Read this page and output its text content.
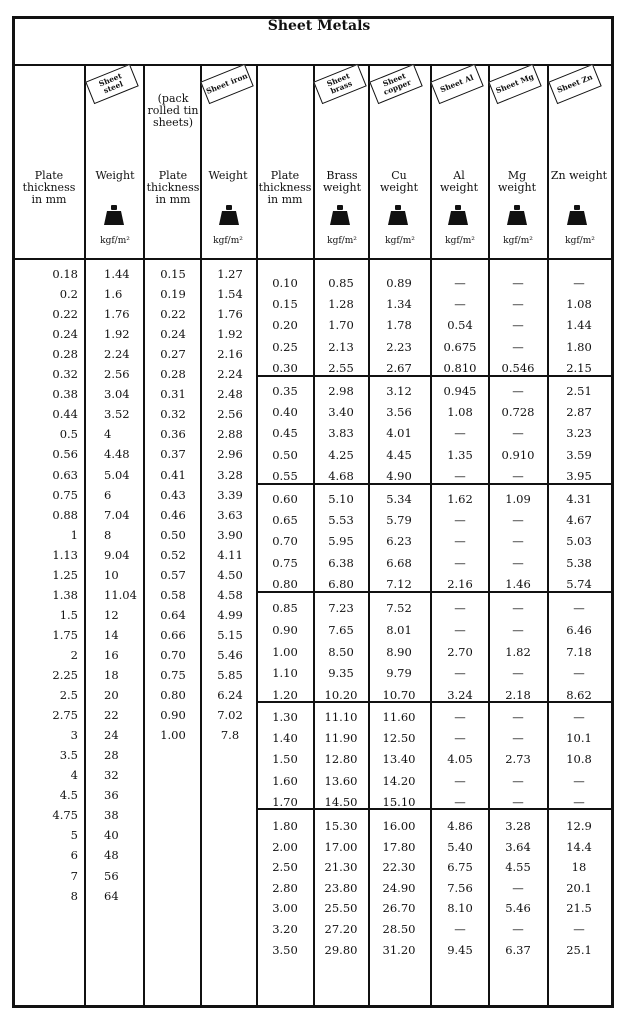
Sheet Metals
Sheet steel	Sheet iron	Sheet brass	Sheet copper	Sheet Al	Sheet Mg	Sheet Zn
(pack rolled tin sheets)
Plate thickness in mm
Weight	Plate thickness in mm
Weight	Plate thickness in mm
Brass weight
Cu weight
Al weight
Mg weight
Zn weight
kgf/m²	kgf/m²	kgf/m²	kgf/m²	kgf/m²	kgf/m²	kgf/m²
0.18 1.44
0.2 1.6
0.22 1.76
0.24 1.92
0.28 2.24
0.32 2.56
0.38 3.04
0.44 3.52
0.5 4
0.56 4.48
0.63 5.04
0.75 6
0.88 7.04
1 8
1.13 9.04
1.25 10
1.38 11.04
1.5 12
1.75 14
2 16
2.25 18
2.5 20
2.75 22
3 24
3.5 28
4 32
4.5 36
4.75 38
5 40
6 48
7 56
8 64
0.15	1.27
0.19	1.54
0.22	1.76
0.24	1.92
0.27	2.16
0.28	2.24
0.31	2.48
0.32	2.56
0.36	2.88
0.37	2.96
0.41	3.28
0.43	3.39
0.46	3.63
0.50	3.90
0.52	4.11
0.57	4.50
0.58	4.58
0.64	4.99
0.66	5.15
0.70	5.46
0.75	5.85
0.80	6.24
0.90	7.02
1.00	7.8
0.10	0.85	0.89	—	—	—
0.15	1.28	1.34	—	—	1.08
0.20	1.70	1.78	0.54	—	1.44
0.25	2.13	2.23	0.675	—	1.80
0.30	2.55	2.67	0.810	0.546	2.15
0.35	2.98	3.12	0.945	—	2.51
0.40	3.40	3.56	1.08	0.728	2.87
0.45	3.83	4.01	—	—	3.23
0.50	4.25	4.45	1.35	0.910	3.59
0.55	4.68	4.90	—	—	3.95
0.60	5.10	5.34	1.62	1.09	4.31
0.65	5.53	5.79	—	—	4.67
0.70	5.95	6.23	—	—	5.03
0.75	6.38	6.68	—	—	5.38
0.80	6.80	7.12	2.16	1.46	5.74
0.85	7.23	7.52	—	—	—
0.90	7.65	8.01	—	—	6.46
1.00	8.50	8.90	2.70	1.82	7.18
1.10	9.35	9.79	—	—	—
1.20	10.20	10.70	3.24	2.18	8.62
1.30	11.10	11.60	—	—	—
1.40	11.90	12.50	—	—	10.1
1.50	12.80	13.40	4.05	2.73	10.8
1.60	13.60	14.20	—	—	—
1.70	14.50	15.10	—	—	—
1.80	15.30	16.00	4.86	3.28	12.9
2.00	17.00	17.80	5.40	3.64	14.4
2.50	21.30	22.30	6.75	4.55	18
2.80	23.80	24.90	7.56	—	20.1
3.00	25.50	26.70	8.10	5.46	21.5
3.20	27.20	28.50	—	—	—
3.50	29.80	31.20	9.45	6.37	25.1
